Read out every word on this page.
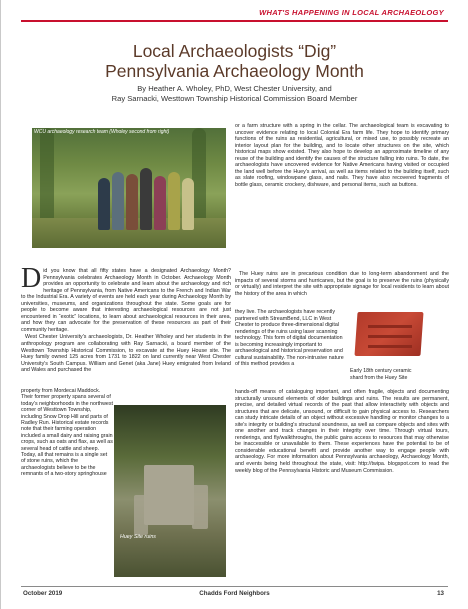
WHAT'S HAPPENING IN LOCAL ARCHAEOLOGY
Local Archaeologists “Dig”
Pennsylvania Archaeology Month
By Heather A. Wholey, PhD, West Chester University, and
Ray Sarnacki, Westtown Township Historical Commission Board Member
WCU archaeology research team (Wholey second from right)

Did you know that all fifty states have a designated Archaeology Month? Pennsylvania celebrates Archaeology Month in October. Archaeology Month provides an opportunity to celebrate and learn about the archaeology and rich heritage of Pennsylvania, from Native Americans to the French and Indian War to the Industrial Era. A variety of events are held each year during Archaeology Month by universities, museums, and organizations throughout the state. Some goals are for people to become aware that interesting archaeological resources are not just encountered in “exotic” locations, to learn about archaeological resources in their area, and how they can advocate for the preservation of these resources as part of their community heritage.

West Chester University's archaeologists, Dr. Heather Wholey and her students in the anthropology program are collaborating with Ray Sarnacki, a board member of the Westtown Township Historical Commission, to excavate at the Huey House site. The Huey family owned 125 acres from 1731 to 1822 on land currently near West Chester University's South Campus. William and Genet (aka Jane) Huey emigrated from Ireland and Wales and purchased the

property from Mordecai Maddock. Their former property spans several of today's neighborhoods in the northwest corner of Westtown Township, including Snow Drop Hill and parts of Radley Run. Historical estate records note that their farming operation included a small dairy and raising grain crops, such as oats and flax, as well as several head of cattle and sheep. Today, all that remains is a single set of stone ruins, which the archaeologists believe to be the remnants of a two-story springhouse

Huey Site ruins

or a farm structure with a spring in the cellar. The archaeological team is excavating to uncover evidence relating to local Colonial Era farm life. They hope to identify primary functions of the ruins as residential, agricultural, or mixed use, to possibly recreate an interior layout plan for the building, and to locate other structures on the site, which historical maps show existed. They also hope to develop an approximate timeline of any reuse of the building and identify the causes of the structure falling into ruins. To date, the archaeologists have uncovered evidence for Native Americans having visited or occupied the land well before the Huey's arrival, as well as items related to the building itself, such as slate roofing, windowpane glass, and nails. They have also recovered fragments of bottle glass, ceramic crockery, dishware, and personal items, such as buttons.

The Huey ruins are in precarious condition due to long-term abandonment and the impacts of several storms and hurricanes, but the goal is to preserve the ruins (physically or virtually) and interpret the site with appropriate signage for local residents to learn about the history of the area in which

they live. The archaeologists have recently partnered with StreamBend, LLC in West Chester to produce three-dimensional digital renderings of the ruins using laser scanning technology. This form of digital documentation is becoming increasingly important to archaeological and historical preservation and cultural sustainability. The non-intrusive nature of this method provides a

Early 18th century ceramic
shard from the Huey Site

hands-off means of cataloguing important, and often fragile, objects and documenting structurally unsound elements of older buildings and ruins. The results are permanent, precise, and detailed virtual records of the past that allow interactivity with objects and structures that are delicate, unsound, or difficult to gain physical access to. Researchers can study intricate details of an object without excessive handling or monitor changes to a site's integrity or building's structural soundness, as well as compare objects and sites with one another and track changes in their integrity over time. Through virtual tours, renderings, and fly/walkthroughs, the public gains access to resources that may otherwise be inaccessible or unavailable to them. These experiences have the potential to be of considerable educational benefit and provide another way to engage people with archaeology. For more information about Pennsylvania archaeology, Archaeology Month, and events being held throughout the state, visit: http://twipa. blogspot.com to read the weekly blog of the Pennsylvania Historic and Museum Commission.

October 2019	Chadds Ford Neighbors	13
